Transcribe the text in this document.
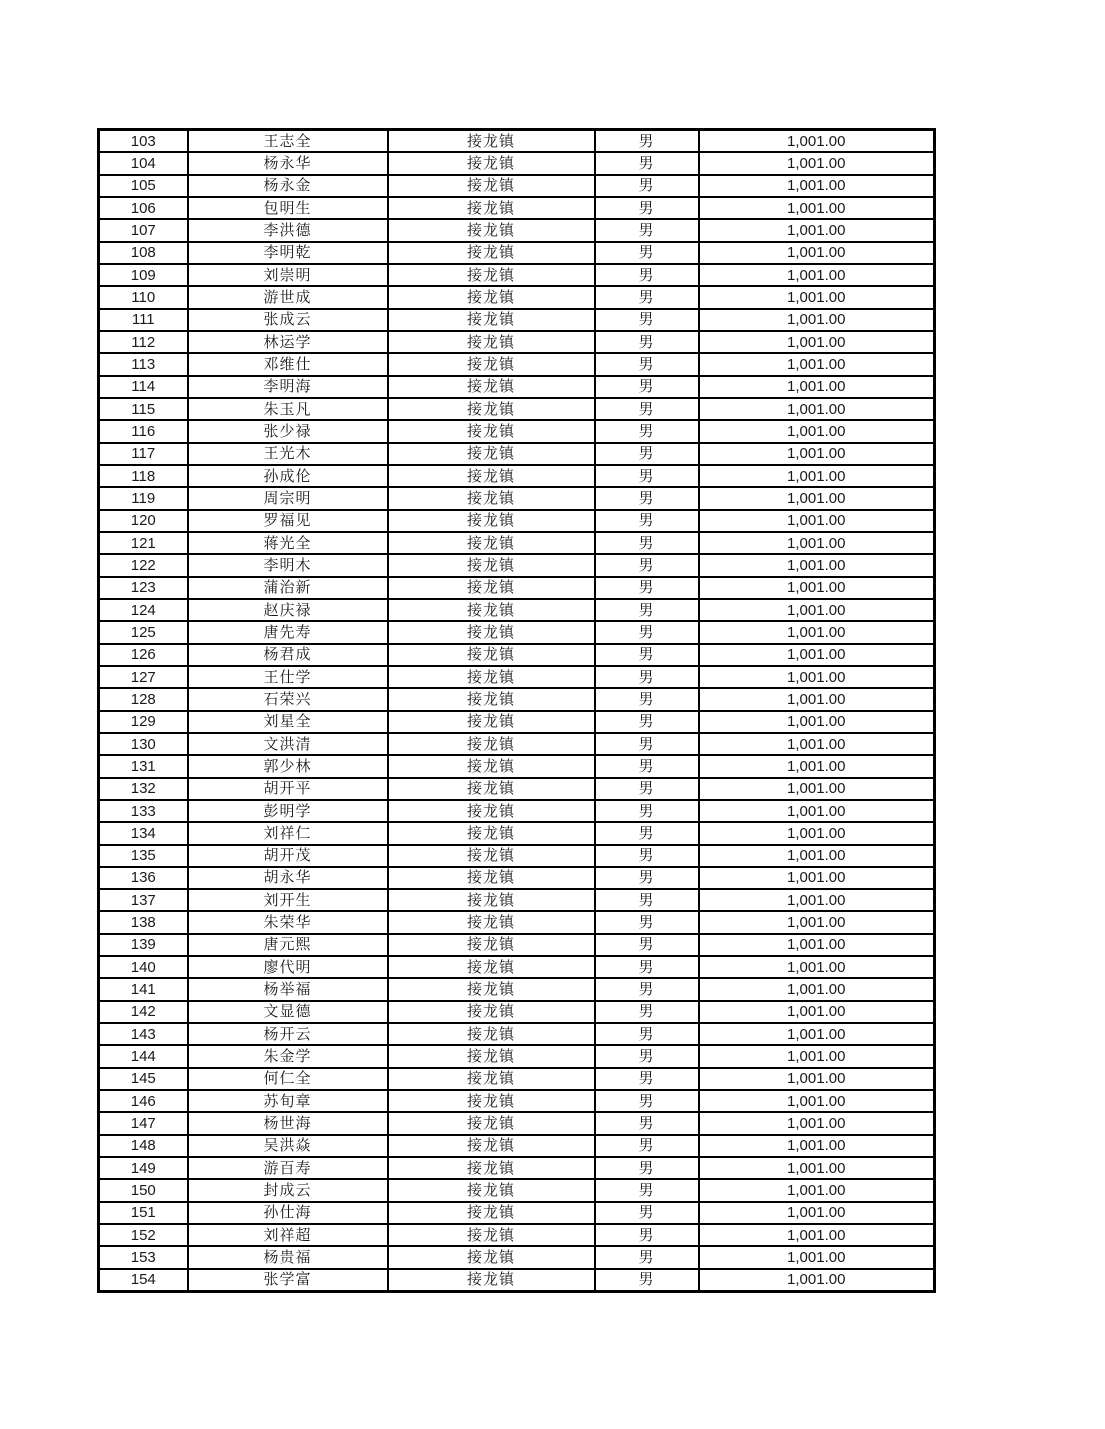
103	王志全	接龙镇	男	1,001.00
104	杨永华	接龙镇	男	1,001.00
105	杨永金	接龙镇	男	1,001.00
106	包明生	接龙镇	男	1,001.00
107	李洪德	接龙镇	男	1,001.00
108	李明乾	接龙镇	男	1,001.00
109	刘崇明	接龙镇	男	1,001.00
110	游世成	接龙镇	男	1,001.00
111	张成云	接龙镇	男	1,001.00
112	林运学	接龙镇	男	1,001.00
113	邓维仕	接龙镇	男	1,001.00
114	李明海	接龙镇	男	1,001.00
115	朱玉凡	接龙镇	男	1,001.00
116	张少禄	接龙镇	男	1,001.00
117	王光木	接龙镇	男	1,001.00
118	孙成伦	接龙镇	男	1,001.00
119	周宗明	接龙镇	男	1,001.00
120	罗福见	接龙镇	男	1,001.00
121	蒋光全	接龙镇	男	1,001.00
122	李明木	接龙镇	男	1,001.00
123	蒲治新	接龙镇	男	1,001.00
124	赵庆禄	接龙镇	男	1,001.00
125	唐先寿	接龙镇	男	1,001.00
126	杨君成	接龙镇	男	1,001.00
127	王仕学	接龙镇	男	1,001.00
128	石荣兴	接龙镇	男	1,001.00
129	刘星全	接龙镇	男	1,001.00
130	文洪清	接龙镇	男	1,001.00
131	郭少林	接龙镇	男	1,001.00
132	胡开平	接龙镇	男	1,001.00
133	彭明学	接龙镇	男	1,001.00
134	刘祥仁	接龙镇	男	1,001.00
135	胡开茂	接龙镇	男	1,001.00
136	胡永华	接龙镇	男	1,001.00
137	刘开生	接龙镇	男	1,001.00
138	朱荣华	接龙镇	男	1,001.00
139	唐元熙	接龙镇	男	1,001.00
140	廖代明	接龙镇	男	1,001.00
141	杨举福	接龙镇	男	1,001.00
142	文显德	接龙镇	男	1,001.00
143	杨开云	接龙镇	男	1,001.00
144	朱金学	接龙镇	男	1,001.00
145	何仁全	接龙镇	男	1,001.00
146	苏旬章	接龙镇	男	1,001.00
147	杨世海	接龙镇	男	1,001.00
148	吴洪焱	接龙镇	男	1,001.00
149	游百寿	接龙镇	男	1,001.00
150	封成云	接龙镇	男	1,001.00
151	孙仕海	接龙镇	男	1,001.00
152	刘祥超	接龙镇	男	1,001.00
153	杨贵福	接龙镇	男	1,001.00
154	张学富	接龙镇	男	1,001.00
